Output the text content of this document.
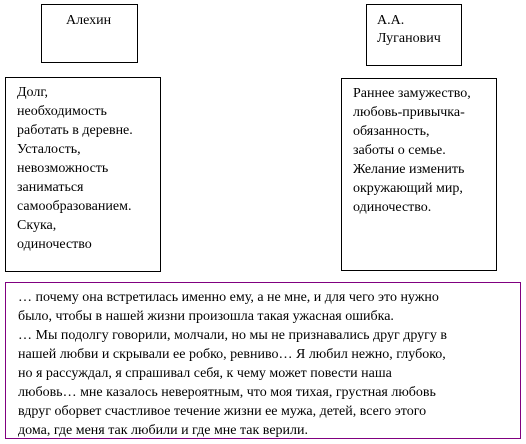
Алехин	А.А.
Луганович
Долг,
необходимость
работать в деревне.
Усталость,
невозможность
заниматься
самообразованием.
Скука,
одиночество
Раннее замужество,
любовь-привычка-
обязанность,
заботы о семье.
Желание изменить
окружающий мир,
одиночество.
… почему она встретилась именно ему, а не мне, и для чего это нужно
было, чтобы в нашей жизни произошла такая ужасная ошибка.
… Мы подолгу говорили, молчали, но мы не признавались друг другу в
нашей любви и скрывали ее робко, ревниво… Я любил нежно, глубоко,
но я рассуждал, я спрашивал себя, к чему может повести наша
любовь… мне казалось невероятным, что моя тихая, грустная любовь
вдруг оборвет счастливое течение жизни ее мужа, детей, всего этого
дома, где меня так любили и где мне так верили.
